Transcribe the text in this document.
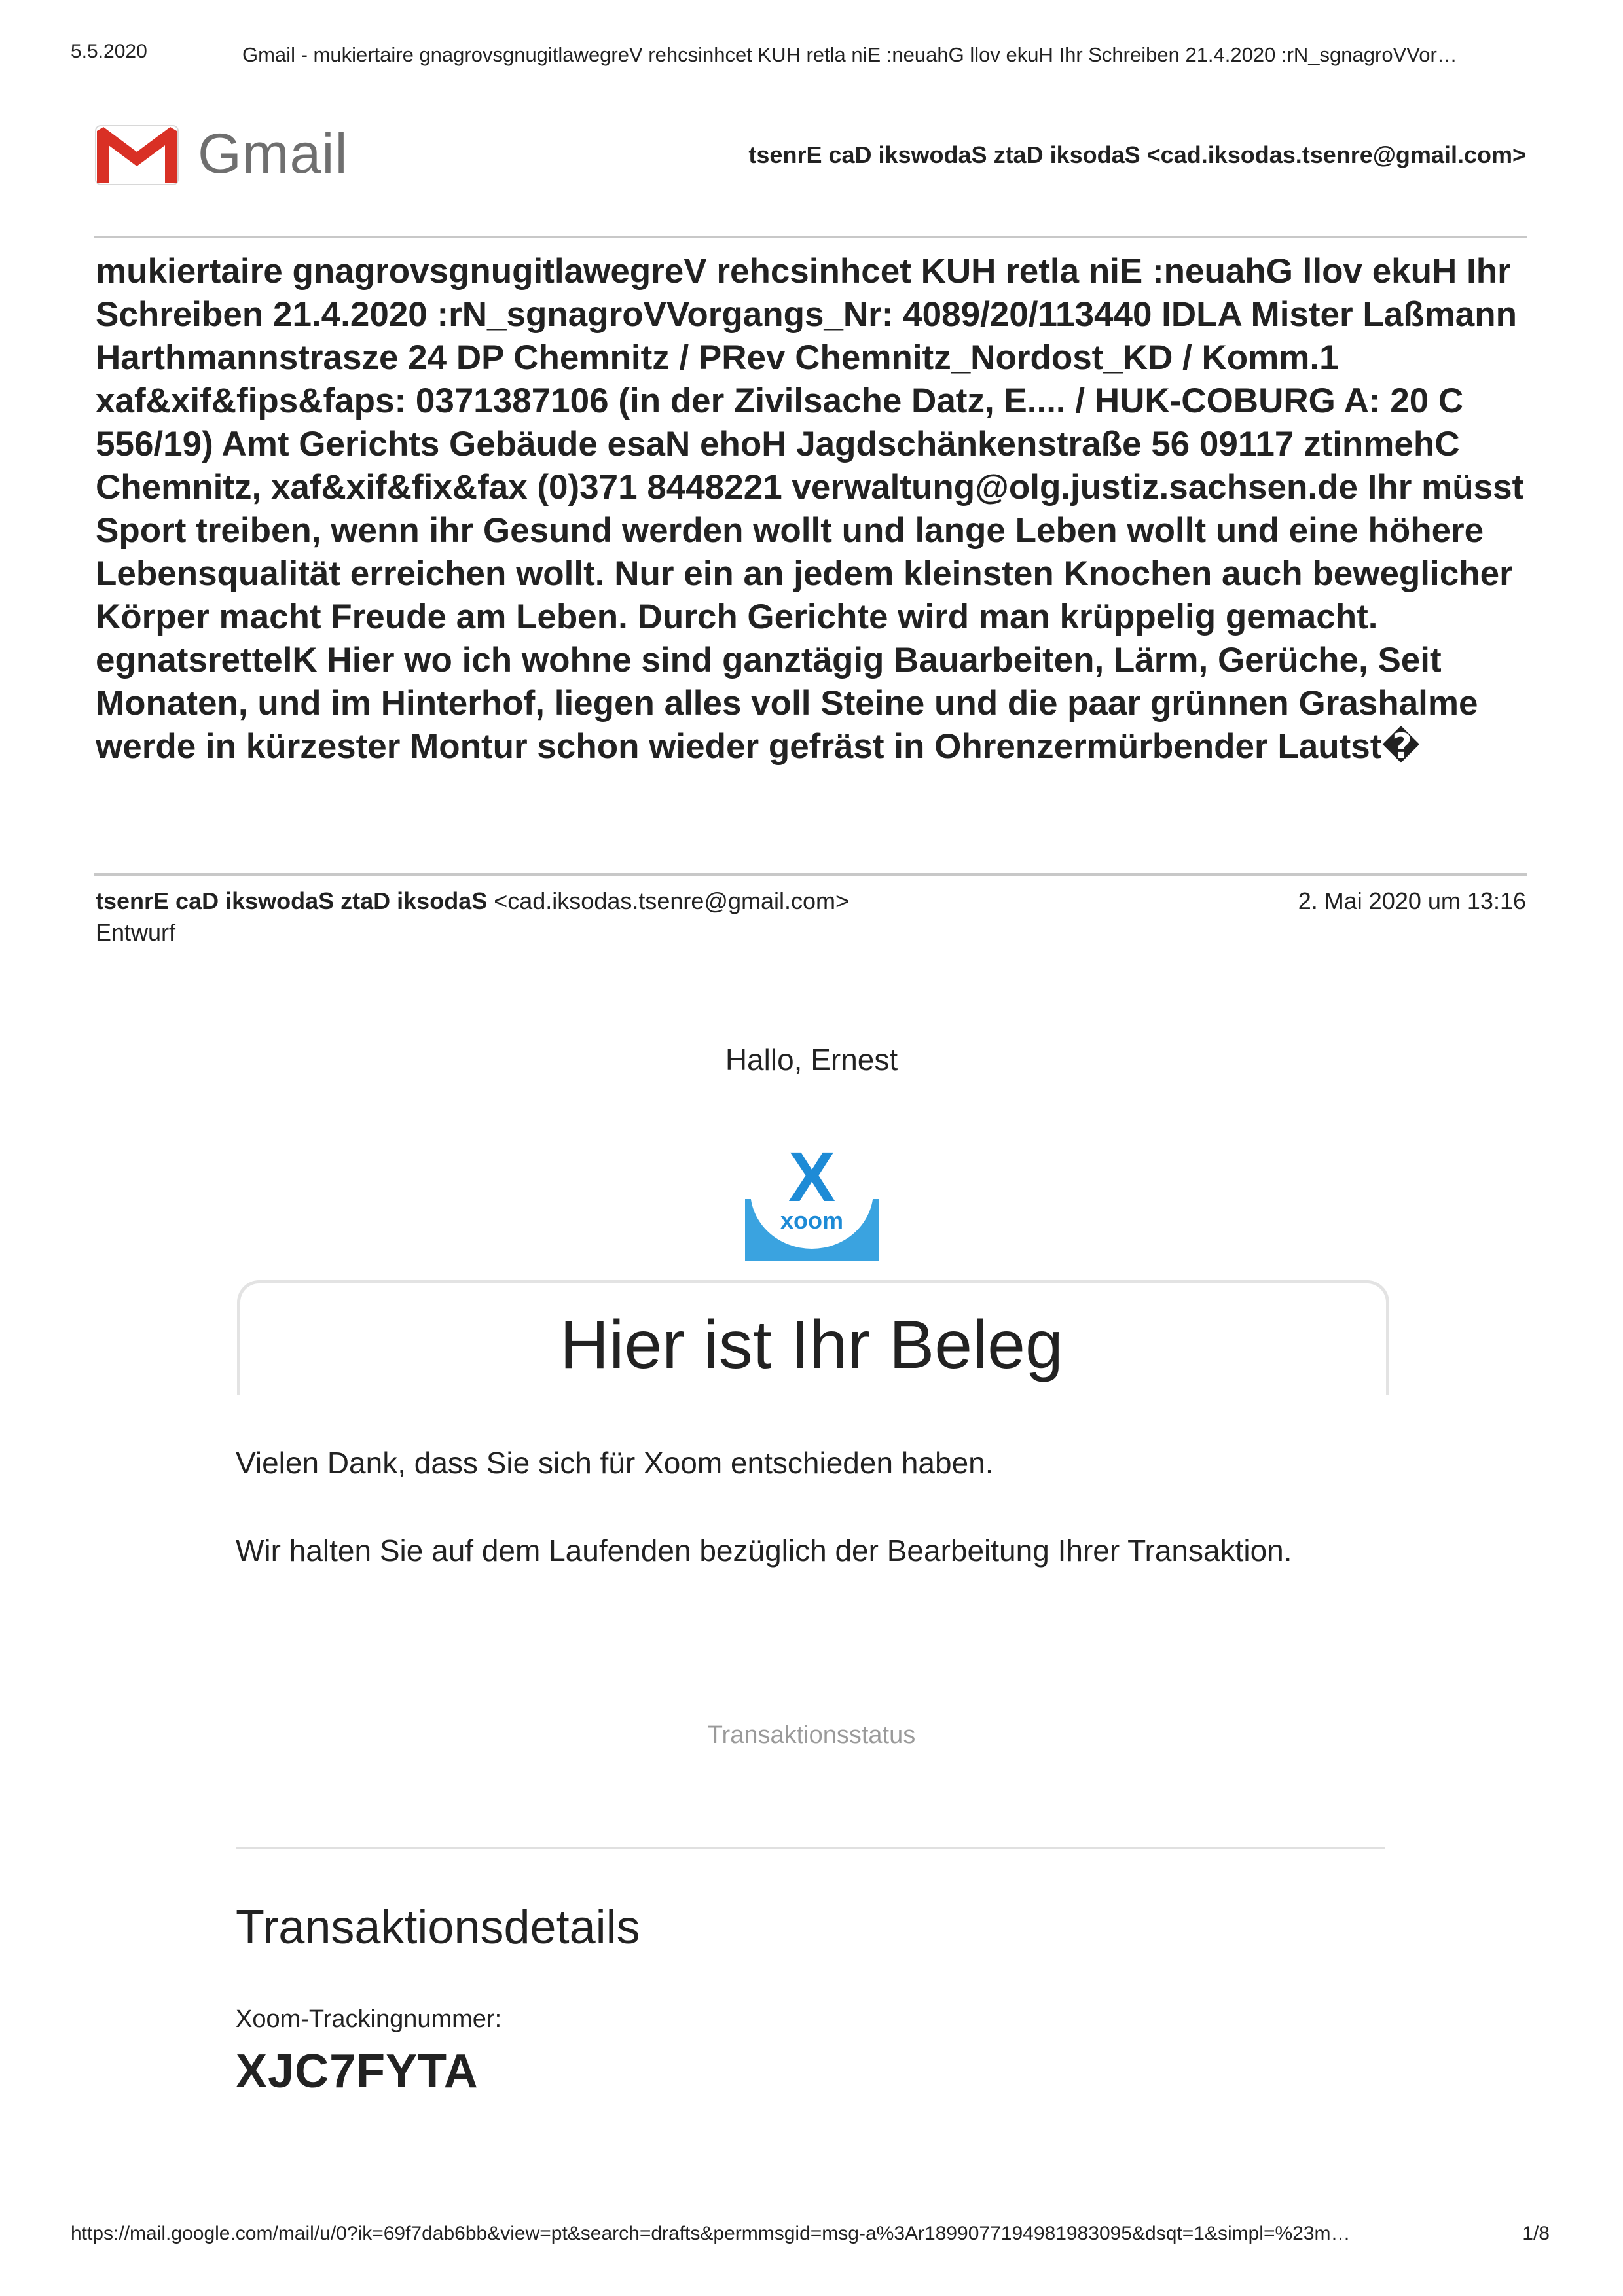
5.5.2020	Gmail - mukiertaire gnagrovsgnugitlawegreV rehcsinhcet KUH retla niE :neuahG llov ekuH Ihr Schreiben 21.4.2020 :rN_sgnagroVVor…
Gmail	tsenrE caD ikswodaS ztaD iksodaS <cad.iksodas.tsenre@gmail.com>
mukiertaire gnagrovsgnugitlawegreV rehcsinhcet KUH retla niE :neuahG llov ekuH Ihr Schreiben 21.4.2020 :rN_sgnagroVVorgangs_Nr: 4089/20/113440 IDLA Mister Laßmann Harthmannstrasze 24 DP Chemnitz / PRev Chemnitz_Nordost_KD / Komm.1 xaf&xif&fips&faps: 0371387106 (in der Zivilsache Datz, E.... / HUK-COBURG A: 20 C 556/19) Amt Gerichts Gebäude esaN ehoH Jagdschänkenstraße 56 09117 ztinmehC Chemnitz, xaf&xif&fix&fax (0)371 8448221 verwaltung@olg.justiz.sachsen.de Ihr müsst Sport treiben, wenn ihr Gesund werden wollt und lange Leben wollt und eine höhere Lebensqualität erreichen wollt. Nur ein an jedem kleinsten Knochen auch beweglicher Körper macht Freude am Leben. Durch Gerichte wird man krüppelig gemacht. egnatsrettelK Hier wo ich wohne sind ganztägig Bauarbeiten, Lärm, Gerüche, Seit Monaten, und im Hinterhof, liegen alles voll Steine und die paar grünnen Grashalme werde in kürzester Montur schon wieder gefräst in Ohrenzermürbender Lautst�
tsenrE caD ikswodaS ztaD iksodaS <cad.iksodas.tsenre@gmail.com>
Entwurf
2. Mai 2020 um 13:16
Hallo, Ernest
X
xoom
Hier ist Ihr Beleg
Vielen Dank, dass Sie sich für Xoom entschieden haben.
Wir halten Sie auf dem Laufenden bezüglich der Bearbeitung Ihrer Transaktion.
Transaktionsstatus
Transaktionsdetails
Xoom-Trackingnummer:
XJC7FYTA
https://mail.google.com/mail/u/0?ik=69f7dab6bb&view=pt&search=drafts&permmsgid=msg-a%3Ar1899077194981983095&dsqt=1&simpl=%23m…	1/8
